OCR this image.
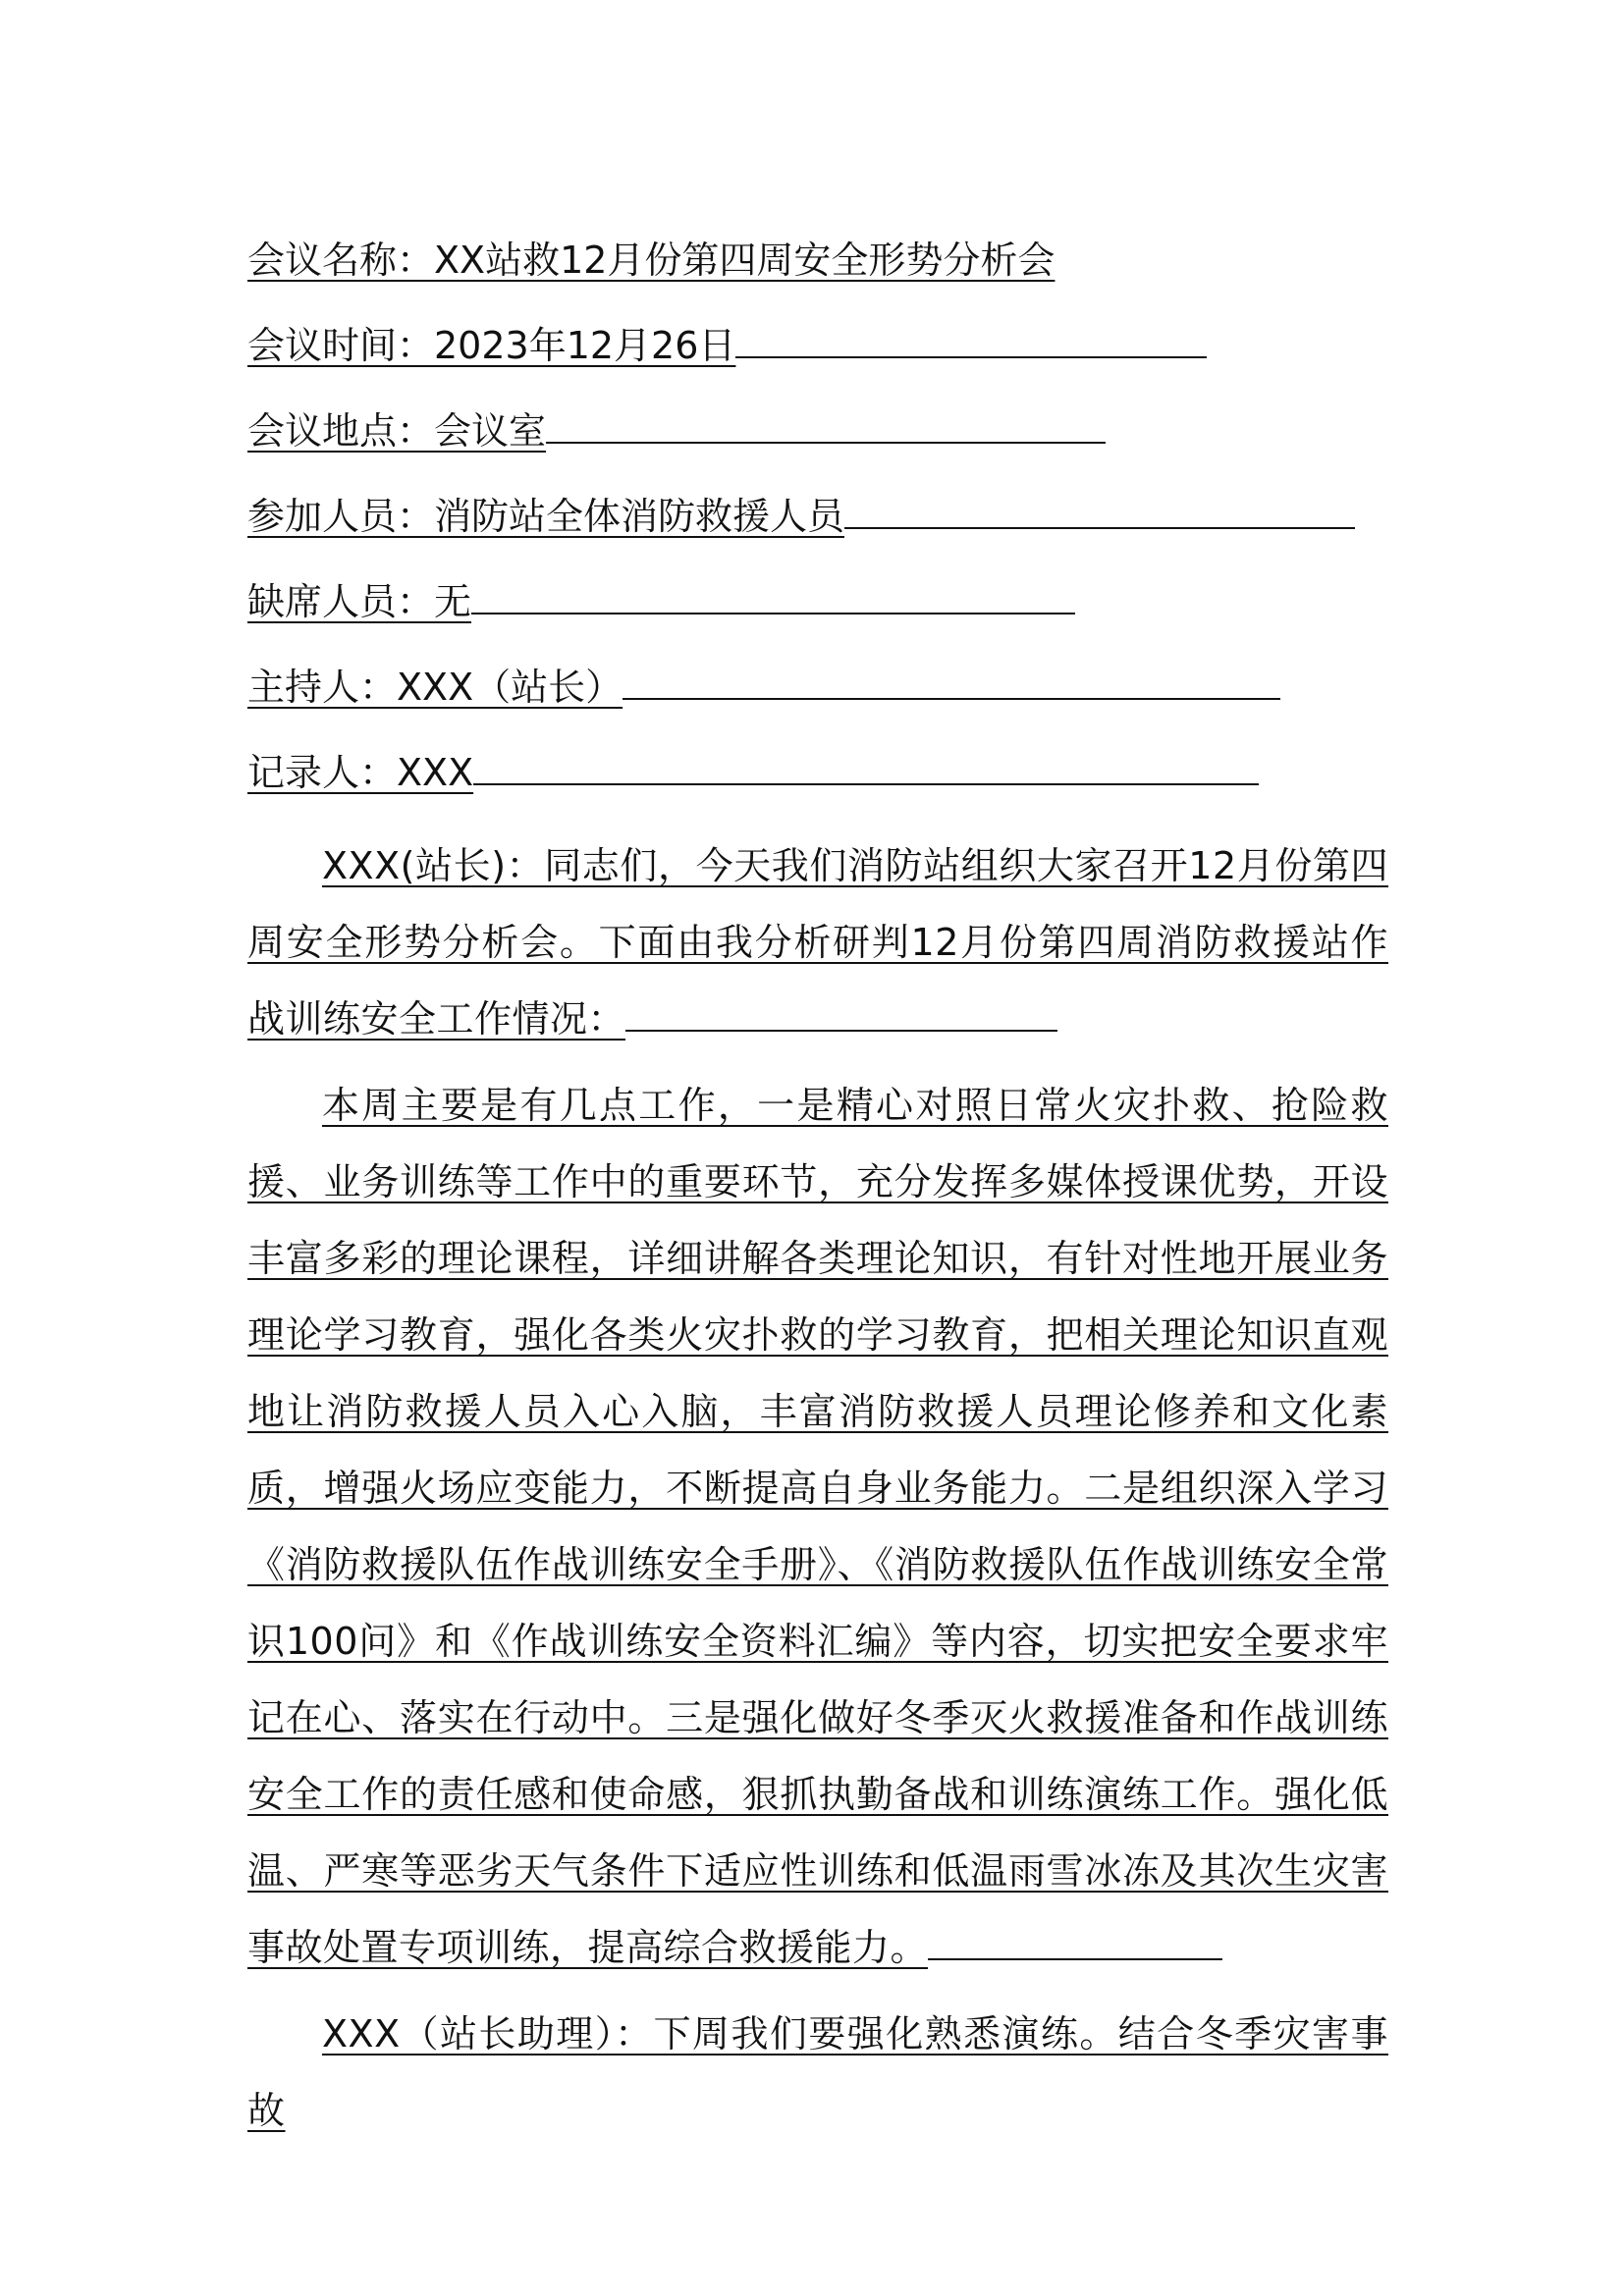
会议名称：XX站救12月份第四周安全形势分析会
会议时间：2023年12月26日
会议地点：会议室
参加人员：消防站全体消防救援人员
缺席人员：无
主持人：XXX（站长）
记录人：XXX

XXX(站长)：同志们，今天我们消防站组织大家召开12月份第四周安全形势分析会。下面由我分析研判12月份第四周消防救援站作战训练安全工作情况：

本周主要是有几点工作，一是精心对照日常火灾扑救、抢险救援、业务训练等工作中的重要环节，充分发挥多媒体授课优势，开设丰富多彩的理论课程，详细讲解各类理论知识，有针对性地开展业务理论学习教育，强化各类火灾扑救的学习教育，把相关理论知识直观地让消防救援人员入心入脑，丰富消防救援人员理论修养和文化素质，增强火场应变能力，不断提高自身业务能力。二是组织深入学习《消防救援队伍作战训练安全手册》、《消防救援队伍作战训练安全常识100问》和《作战训练安全资料汇编》等内容，切实把安全要求牢记在心、落实在行动中。三是强化做好冬季灭火救援准备和作战训练安全工作的责任感和使命感，狠抓执勤备战和训练演练工作。强化低温、严寒等恶劣天气条件下适应性训练和低温雨雪冰冻及其次生灾害事故处置专项训练，提高综合救援能力。

XXX（站长助理）：下周我们要强化熟悉演练。结合冬季灾害事故
